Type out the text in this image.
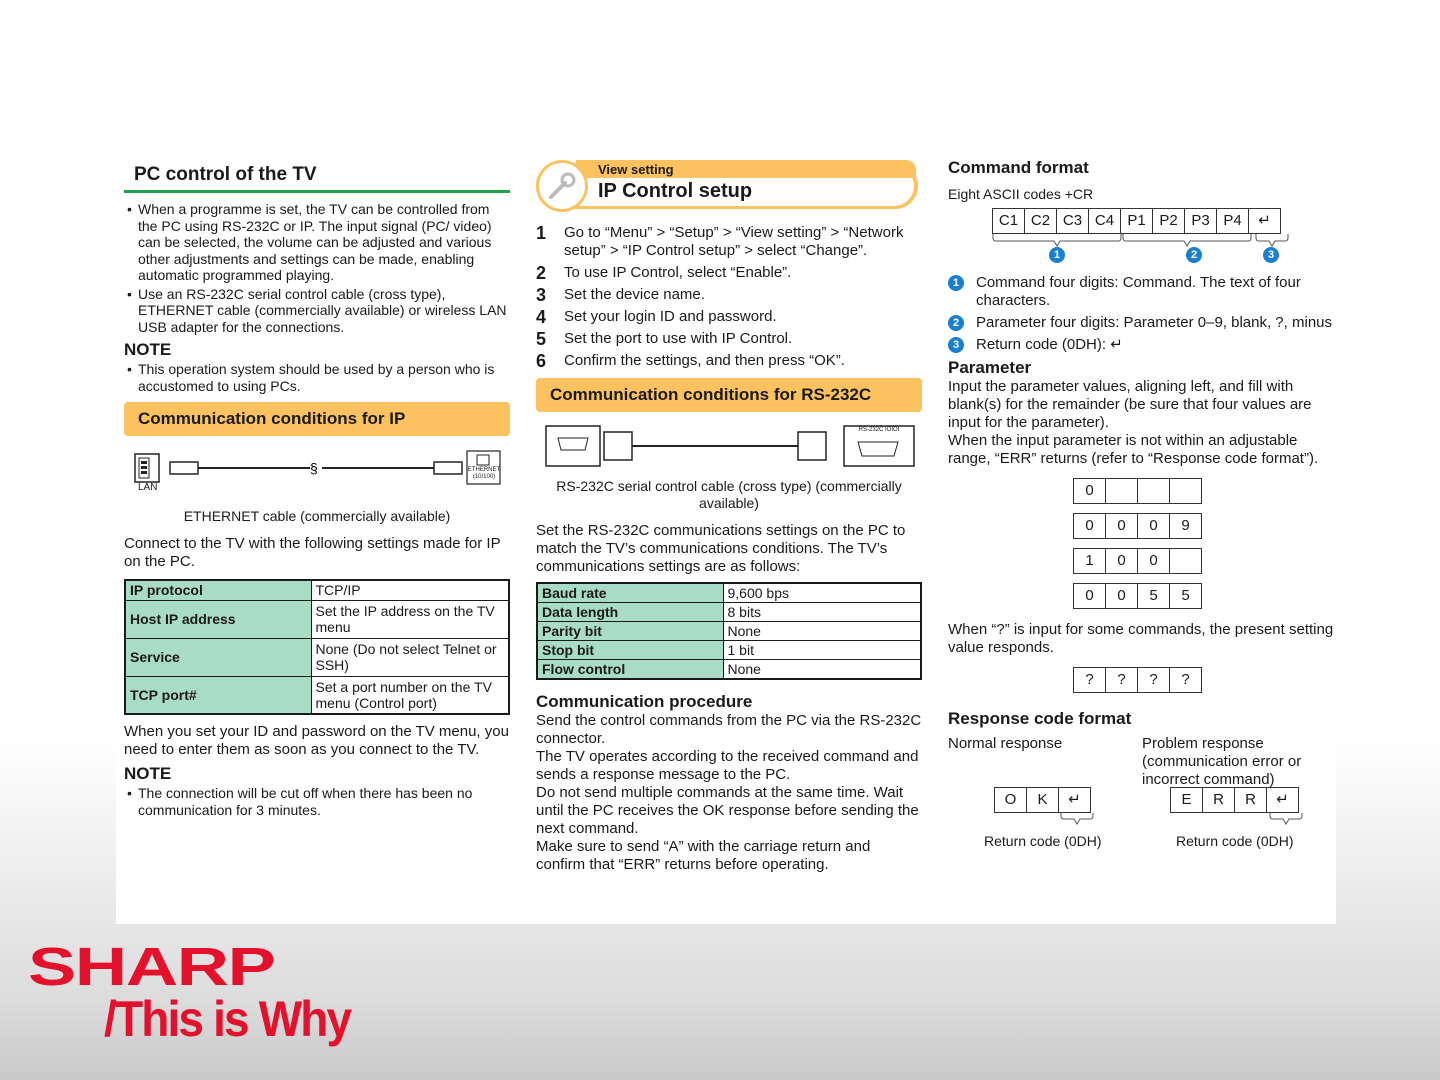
PC control of the TV
• When a programme is set, the TV can be controlled from the PC using RS-232C or IP. The input signal (PC/ video) can be selected, the volume can be adjusted and various other adjustments and settings can be made, enabling automatic programmed playing.
• Use an RS-232C serial control cable (cross type), ETHERNET cable (commercially available) or wireless LAN USB adapter for the connections.
NOTE
• This operation system should be used by a person who is accustomed to using PCs.
Communication conditions for IP
§
LAN
ETHERNET (10/100)
ETHERNET cable (commercially available)
Connect to the TV with the following settings made for IP on the PC.
IP protocol	TCP/IP
Host IP address	Set the IP address on the TV menu
Service	None (Do not select Telnet or SSH)
TCP port#	Set a port number on the TV menu (Control port)
When you set your ID and password on the TV menu, you need to enter them as soon as you connect to the TV.
NOTE
• The connection will be cut off when there has been no communication for 3 minutes.
View setting
IP Control setup
1	Go to “Menu” > “Setup” > “View setting” > “Network setup” > “IP Control setup” > select “Change”.
2	To use IP Control, select “Enable”.
3	Set the device name.
4	Set your login ID and password.
5	Set the port to use with IP Control.
6	Confirm the settings, and then press “OK”.
Communication conditions for RS-232C
RS-232C IOIOI
RS-232C serial control cable (cross type) (commercially available)
Set the RS-232C communications settings on the PC to match the TV’s communications conditions. The TV’s communications settings are as follows:
Baud rate	9,600 bps
Data length	8 bits
Parity bit	None
Stop bit	1 bit
Flow control	None
Communication procedure
Send the control commands from the PC via the RS-232C connector.
The TV operates according to the received command and sends a response message to the PC.
Do not send multiple commands at the same time. Wait until the PC receives the OK response before sending the next command.
Make sure to send “A” with the carriage return and confirm that “ERR” returns before operating.
Command format
Eight ASCII codes +CR
C1 C2 C3 C4 P1 P2 P3 P4	↵
1	2	3
1	Command four digits: Command. The text of four characters.
2	Parameter four digits: Parameter 0–9, blank, ?, minus
3	Return code (0DH): ↵
Parameter
Input the parameter values, aligning left, and fill with blank(s) for the remainder (be sure that four values are input for the parameter).
When the input parameter is not within an adjustable range, “ERR” returns (refer to “Response code format”).
0
0	0	0	9
1	0	0
0	0	5	5
When “?” is input for some commands, the present setting value responds.
?	?	?	?
Response code format
Normal response	Problem response (communication error or incorrect command)
O	K	↵	E	R	R	↵
Return code (0DH)	Return code (0DH)
SHARP
/This is Why
